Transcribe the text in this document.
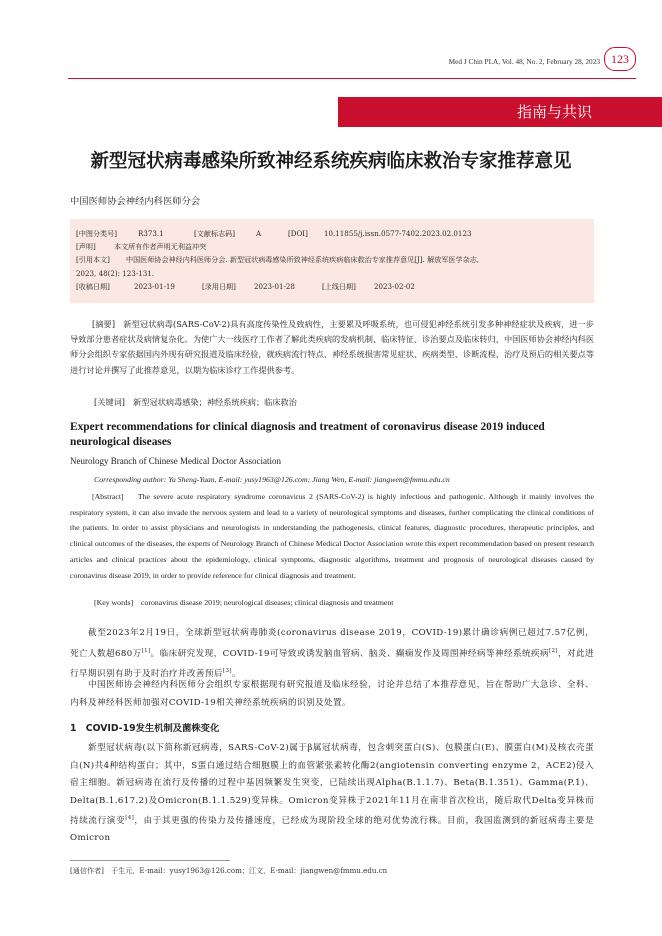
Med J Chin PLA, Vol. 48, No. 2, February 28, 2023 123
指南与共识
新型冠状病毒感染所致神经系统疾病临床救治专家推荐意见
中国医师协会神经内科医师分会
[中图分类号]	R373.1	[文献标志码]	A	[DOI] 10.11855/j.issn.0577-7402.2023.02.0123
[声明]	本文所有作者声明无利益冲突
[引用本文] 中国医师协会神经内科医师分会. 新型冠状病毒感染所致神经系统疾病临床救治专家推荐意见[J]. 解放军医学杂志,
2023, 48(2): 123-131.
[收稿日期]	2023-01-19	[录用日期]	2023-01-28	[上线日期]	2023-02-02
[摘要]　 新型冠状病毒(SARS-CoV-2)具有高度传染性及致病性，主要累及呼吸系统，也可侵犯神经系统引发多种神经症状及疾病，进一步导致部分患者症状及病情复杂化。为使广大一线医疗工作者了解此类疾病的发病机制、临床特征、诊治要点及临床转归，中国医师协会神经内科医师分会组织专家依据国内外现有研究报道及临床经验，就疾病流行特点、神经系统损害常见症状、疾病类型、诊断流程、治疗及预后的相关要点等进行讨论并撰写了此推荐意见，以期为临床诊疗工作提供参考。
[关键词]　 新型冠状病毒感染；神经系统疾病；临床救治
Expert recommendations for clinical diagnosis and treatment of coronavirus disease 2019 induced neurological diseases
Neurology Branch of Chinese Medical Doctor Association
Corresponding author: Yu Sheng-Yuan, E-mail: yusy1963@126.com; Jiang Wen, E-mail: jiangwen@fmmu.edu.cn
[Abstract] The severe acute respiratory syndrome coronavirus 2 (SARS-CoV-2) is highly infectious and pathogenic. Although it mainly involves the respiratory system, it can also invade the nervous system and lead to a variety of neurological symptoms and diseases, further complicating the clinical conditions of the patients. In order to assist physicians and neurologists in understanding the pathogenesis, clinical features, diagnostic procedures, therapeutic principles, and clinical outcomes of the diseases, the experts of Neurology Branch of Chinese Medical Doctor Association wrote this expert recommendation based on present research articles and clinical practices about the epidemiology, clinical symptoms, diagnostic algorithms, treatment and prognosis of neurological diseases caused by coronavirus disease 2019, in order to provide reference for clinical diagnosis and treatment.
[Key words] coronavirus disease 2019; neurological diseases; clinical diagnosis and treatment
截至2023年2月19日，全球新型冠状病毒肺炎(coronavirus disease 2019，COVID-19)累计确诊病例已超过7.57亿例，死亡人数超680万[1]。临床研究发现，COVID-19可导致或诱发脑血管病、脑炎、癫痫发作及周围神经病等神经系统疾病[2]，对此进行早期识别有助于及时治疗并改善预后[3]。
中国医师协会神经内科医师分会组织专家根据现有研究报道及临床经验，讨论并总结了本推荐意见，旨在帮助广大急诊、全科、内科及神经科医师加强对COVID-19相关神经系统疾病的识别及处置。
1　COVID-19发生机制及菌株变化
新型冠状病毒(以下简称新冠病毒，SARS-CoV-2)属于β属冠状病毒，包含刺突蛋白(S)、包膜蛋白(E)、膜蛋白(M)及核衣壳蛋白(N)共4种结构蛋白；其中，S蛋白通过结合细胞膜上的血管紧张素转化酶2(angiotensin converting enzyme 2，ACE2)侵入宿主细胞。新冠病毒在流行及传播的过程中基因频繁发生突变，已陆续出现Alpha(B.1.1.7)、Beta(B.1.351)、Gamma(P.1)、Delta(B.1.617.2)及Omicron(B.1.1.529)变异株。Omicron变异株于2021年11月在南非首次检出，随后取代Delta变异株而持续流行演变[4]，由于其更强的传染力及传播速度，已经成为现阶段全球的绝对优势流行株。目前，我国监测到的新冠病毒主要是Omicron
[通信作者]　 于生元，E-mail：yusy1963@126.com；江文，E-mail：jiangwen@fmmu.edu.cn
